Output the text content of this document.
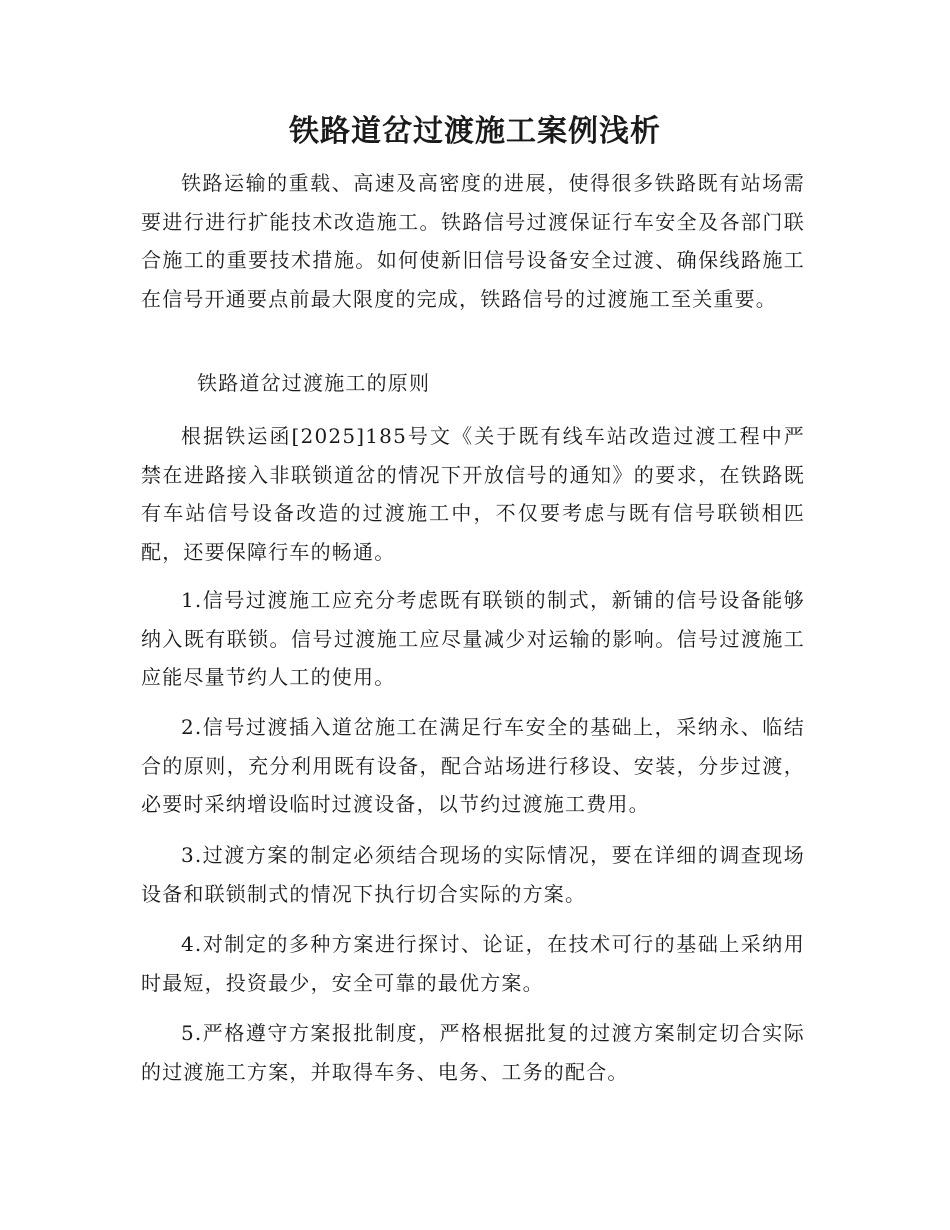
铁路道岔过渡施工案例浅析

铁路运输的重载、高速及高密度的进展，使得很多铁路既有站场需要进行进行扩能技术改造施工。铁路信号过渡保证行车安全及各部门联合施工的重要技术措施。如何使新旧信号设备安全过渡、确保线路施工在信号开通要点前最大限度的完成，铁路信号的过渡施工至关重要。

铁路道岔过渡施工的原则

根据铁运函[2025]185号文《关于既有线车站改造过渡工程中严禁在进路接入非联锁道岔的情况下开放信号的通知》的要求，在铁路既有车站信号设备改造的过渡施工中，不仅要考虑与既有信号联锁相匹配，还要保障行车的畅通。

1.信号过渡施工应充分考虑既有联锁的制式，新铺的信号设备能够纳入既有联锁。信号过渡施工应尽量减少对运输的影响。信号过渡施工应能尽量节约人工的使用。

2.信号过渡插入道岔施工在满足行车安全的基础上，采纳永、临结合的原则，充分利用既有设备，配合站场进行移设、安装，分步过渡，必要时采纳增设临时过渡设备，以节约过渡施工费用。

3.过渡方案的制定必须结合现场的实际情况，要在详细的调查现场设备和联锁制式的情况下执行切合实际的方案。

4.对制定的多种方案进行探讨、论证，在技术可行的基础上采纳用时最短，投资最少，安全可靠的最优方案。

5.严格遵守方案报批制度，严格根据批复的过渡方案制定切合实际的过渡施工方案，并取得车务、电务、工务的配合。
